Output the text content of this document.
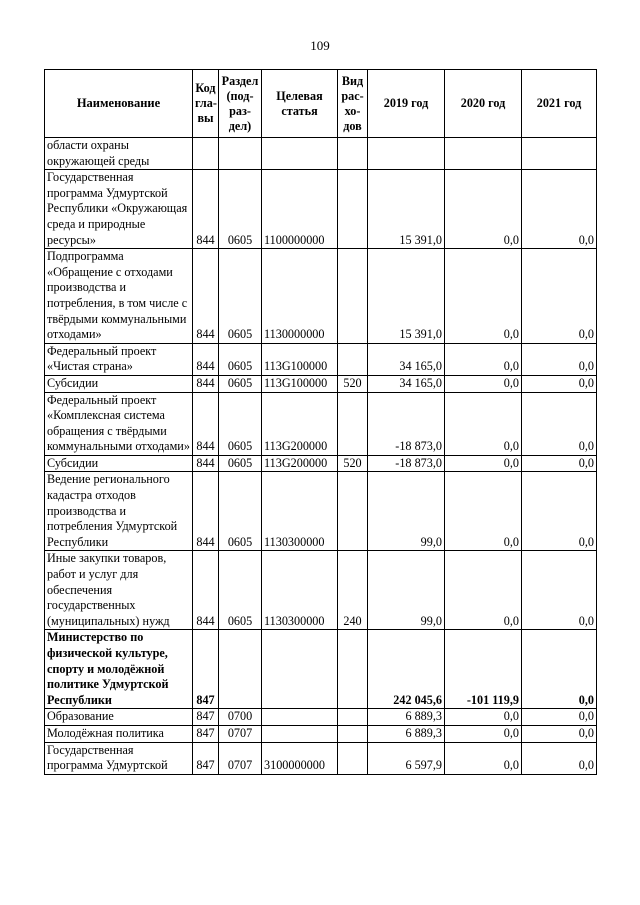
109
Наименование	Код гла-вы	Раздел (под-раз-дел)	Целевая статья	Вид рас-хо-дов	2019 год	2020 год	2021 год
области охраны окружающей среды							
Государственная программа Удмуртской Республики «Окружающая среда и природные ресурсы»	844	0605	1100000000		15 391,0	0,0	0,0
Подпрограмма «Обращение с отходами производства и потребления, в том числе с твёрдыми коммунальными отходами»	844	0605	1130000000		15 391,0	0,0	0,0
Федеральный проект «Чистая страна»	844	0605	113G100000		34 165,0	0,0	0,0
Субсидии	844	0605	113G100000	520	34 165,0	0,0	0,0
Федеральный проект «Комплексная система обращения с твёрдыми коммунальными отходами»	844	0605	113G200000		-18 873,0	0,0	0,0
Субсидии	844	0605	113G200000	520	-18 873,0	0,0	0,0
Ведение регионального кадастра отходов производства и потребления Удмуртской Республики	844	0605	1130300000		99,0	0,0	0,0
Иные закупки товаров, работ и услуг для обеспечения государственных (муниципальных) нужд	844	0605	1130300000	240	99,0	0,0	0,0
Министерство по физической культуре, спорту и молодёжной политике Удмуртской Республики	847				242 045,6	-101 119,9	0,0
Образование	847	0700			6 889,3	0,0	0,0
Молодёжная политика	847	0707			6 889,3	0,0	0,0
Государственная программа Удмуртской	847	0707	3100000000		6 597,9	0,0	0,0
